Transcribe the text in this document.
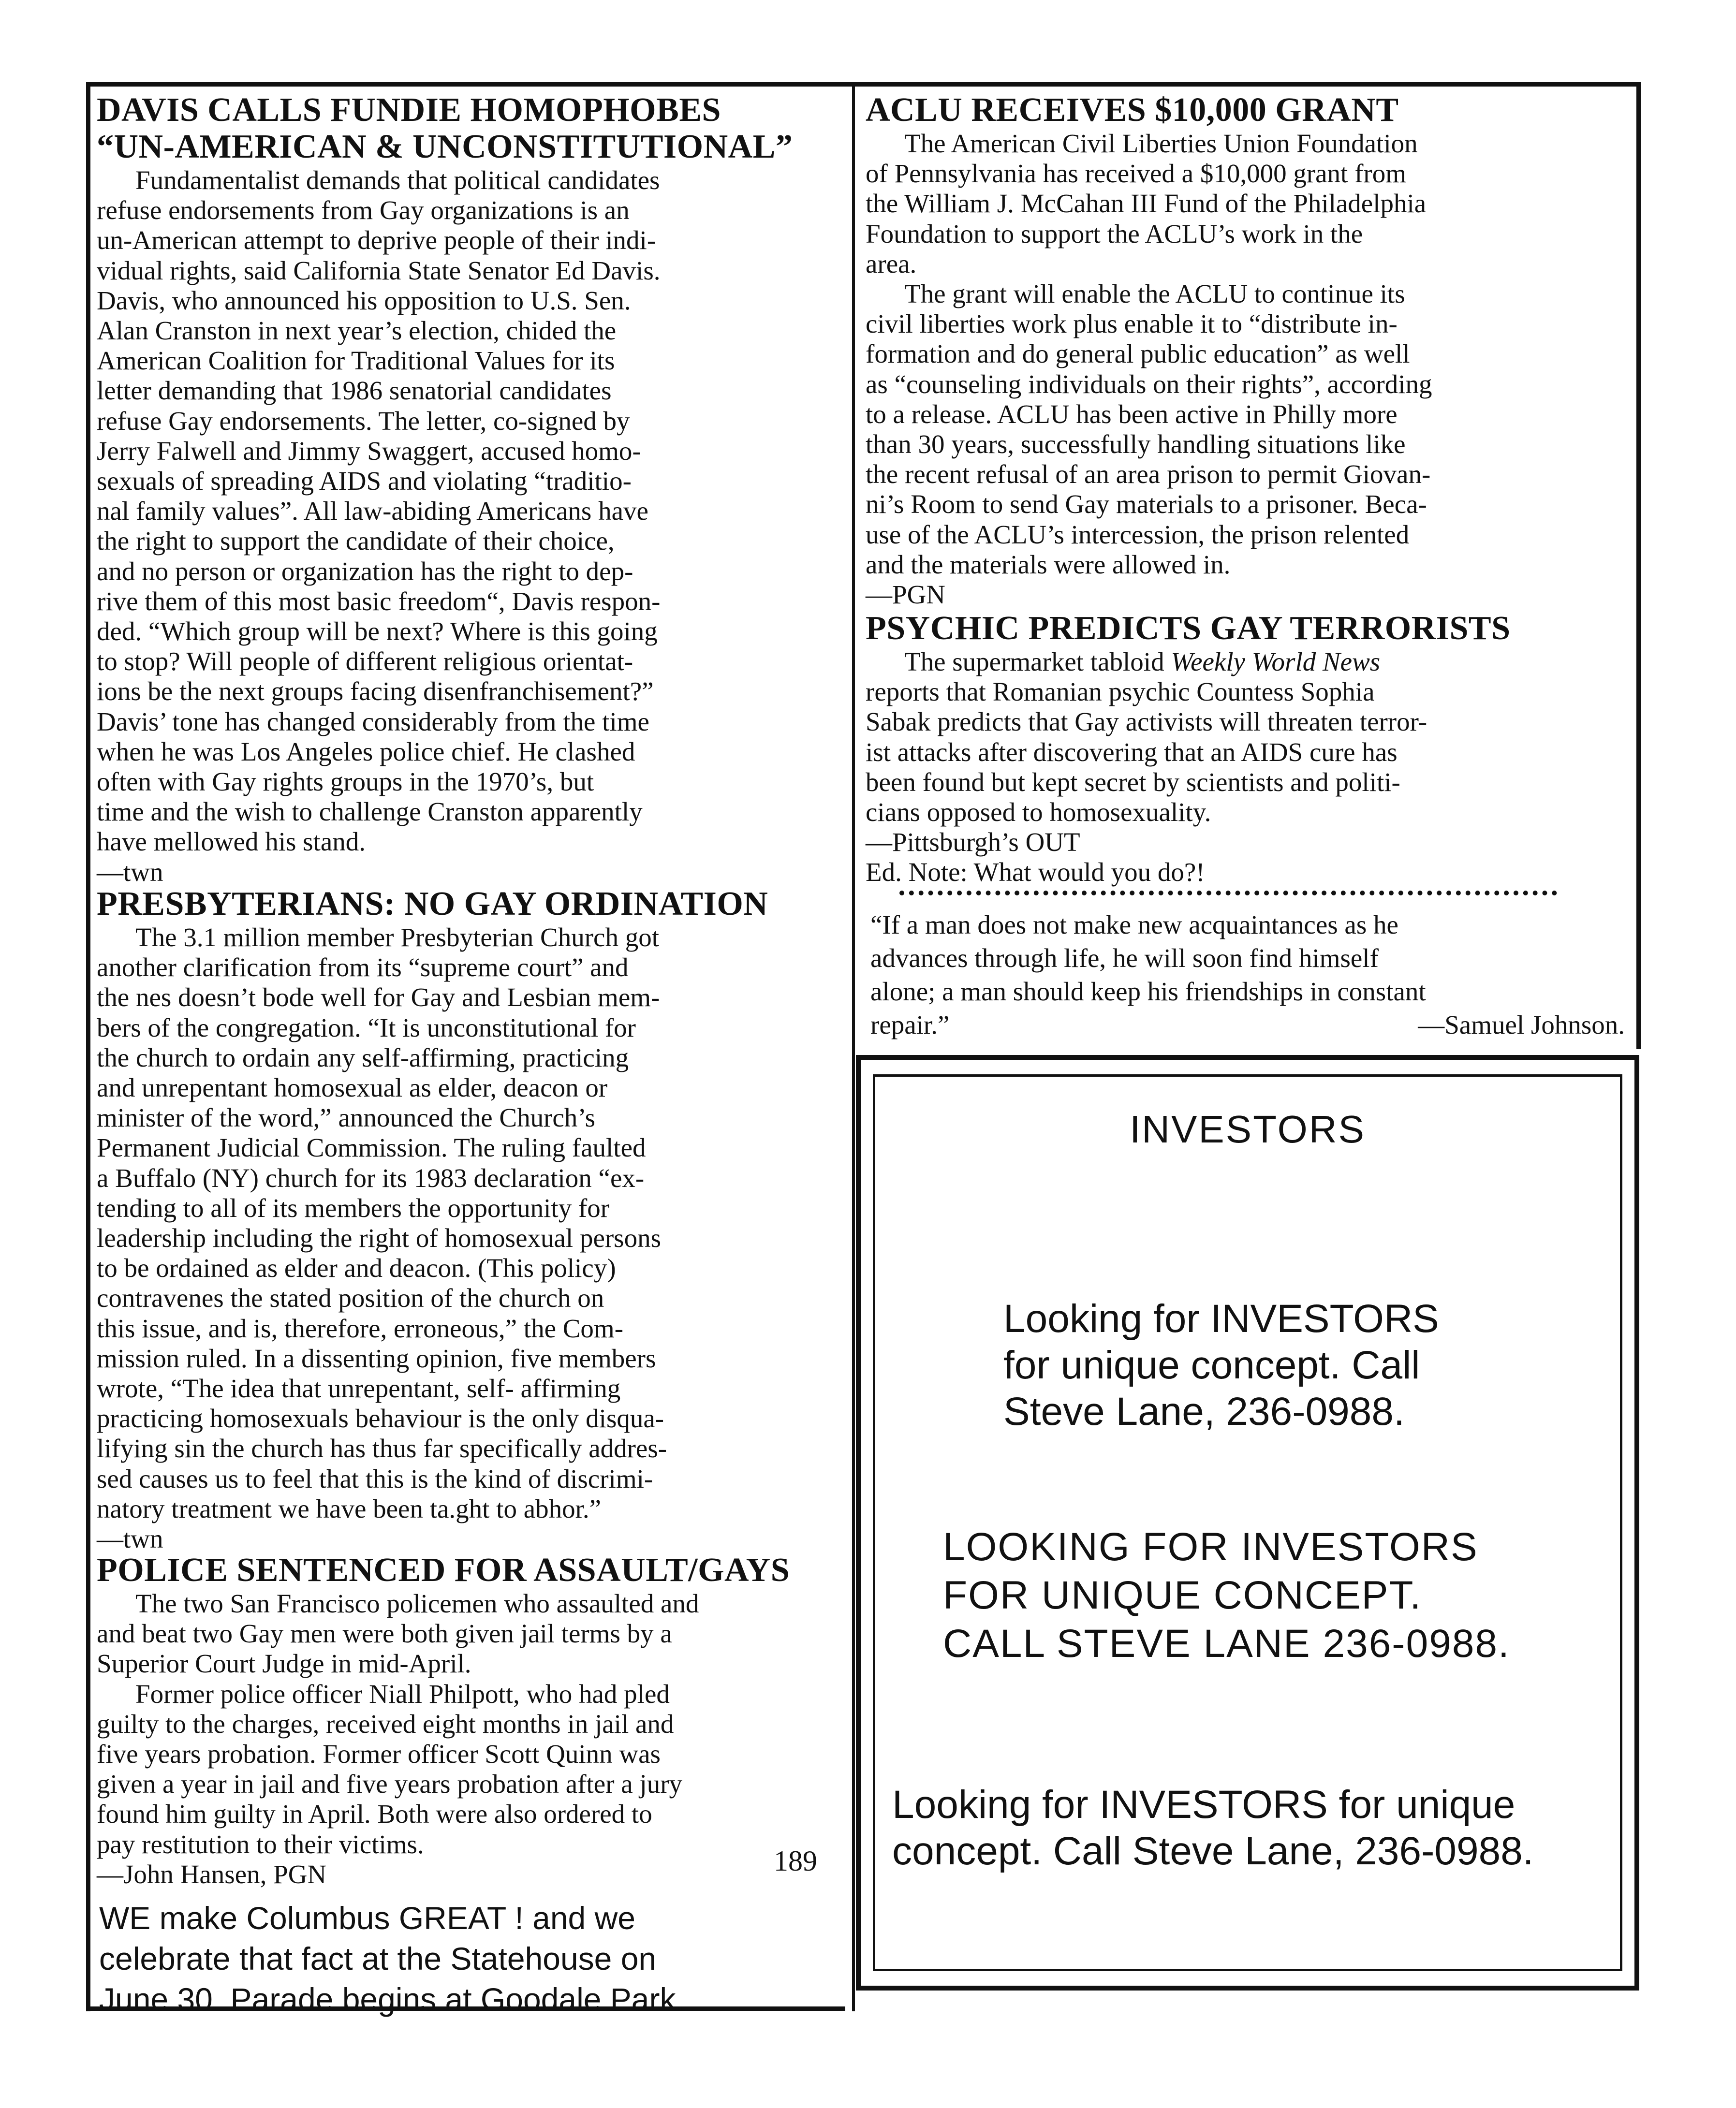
DAVIS CALLS FUNDIE HOMOPHOBES
“UN-AMERICAN & UNCONSTITUTIONAL”
Fundamentalist demands that political candidates
refuse endorsements from Gay organizations is an
un-American attempt to deprive people of their indi-
vidual rights, said California State Senator Ed Davis.
Davis, who announced his opposition to U.S. Sen.
Alan Cranston in next year’s election, chided the
American Coalition for Traditional Values for its
letter demanding that 1986 senatorial candidates
refuse Gay endorsements. The letter, co-signed by
Jerry Falwell and Jimmy Swaggert, accused homo-
sexuals of spreading AIDS and violating “traditio-
nal family values”. All law-abiding Americans have
the right to support the candidate of their choice,
and no person or organization has the right to dep-
rive them of this most basic freedom“, Davis respon-
ded. “Which group will be next? Where is this going
to stop? Will people of different religious orientat-
ions be the next groups facing disenfranchisement?”
Davis’ tone has changed considerably from the time
when he was Los Angeles police chief. He clashed
often with Gay rights groups in the 1970’s, but
time and the wish to challenge Cranston apparently
have mellowed his stand.
—twn
PRESBYTERIANS: NO GAY ORDINATION
The 3.1 million member Presbyterian Church got
another clarification from its “supreme court” and
the nes doesn’t bode well for Gay and Lesbian mem-
bers of the congregation. “It is unconstitutional for
the church to ordain any self-affirming, practicing
and unrepentant homosexual as elder, deacon or
minister of the word,” announced the Church’s
Permanent Judicial Commission. The ruling faulted
a Buffalo (NY) church for its 1983 declaration “ex-
tending to all of its members the opportunity for
leadership including the right of homosexual persons
to be ordained as elder and deacon. (This policy)
contravenes the stated position of the church on
this issue, and is, therefore, erroneous,” the Com-
mission ruled. In a dissenting opinion, five members
wrote, “The idea that unrepentant, self- affirming
practicing homosexuals behaviour is the only disqua-
lifying sin the church has thus far specifically addres-
sed causes us to feel that this is the kind of discrimi-
natory treatment we have been ta.ght to abhor.”
—twn
POLICE SENTENCED FOR ASSAULT/GAYS
The two San Francisco policemen who assaulted and
and beat two Gay men were both given jail terms by a
Superior Court Judge in mid-April.
Former police officer Niall Philpott, who had pled
guilty to the charges, received eight months in jail and
five years probation. Former officer Scott Quinn was
given a year in jail and five years probation after a jury
found him guilty in April. Both were also ordered to
pay restitution to their victims.
—John Hansen, PGN	189
WE make Columbus GREAT ! and we
celebrate that fact at the Statehouse on
June 30. Parade begins at Goodale Park.
ACLU RECEIVES $10,000 GRANT
The American Civil Liberties Union Foundation
of Pennsylvania has received a $10,000 grant from
the William J. McCahan III Fund of the Philadelphia
Foundation to support the ACLU’s work in the
area.
The grant will enable the ACLU to continue its
civil liberties work plus enable it to “distribute in-
formation and do general public education” as well
as “counseling individuals on their rights”, according
to a release. ACLU has been active in Philly more
than 30 years, successfully handling situations like
the recent refusal of an area prison to permit Giovan-
ni’s Room to send Gay materials to a prisoner. Beca-
use of the ACLU’s intercession, the prison relented
and the materials were allowed in.
—PGN
PSYCHIC PREDICTS GAY TERRORISTS
The supermarket tabloid Weekly World News
reports that Romanian psychic Countess Sophia
Sabak predicts that Gay activists will threaten terror-
ist attacks after discovering that an AIDS cure has
been found but kept secret by scientists and politi-
cians opposed to homosexuality.
—Pittsburgh’s OUT
Ed. Note: What would you do?!
“If a man does not make new acquaintances as he
advances through life, he will soon find himself
alone; a man should keep his friendships in constant
repair.”	—Samuel Johnson.
INVESTORS
Looking for INVESTORS
for unique concept. Call
Steve Lane, 236-0988.
LOOKING FOR INVESTORS
FOR UNIQUE CONCEPT.
CALL STEVE LANE 236-0988.
Looking for INVESTORS for unique
concept. Call Steve Lane, 236-0988.
